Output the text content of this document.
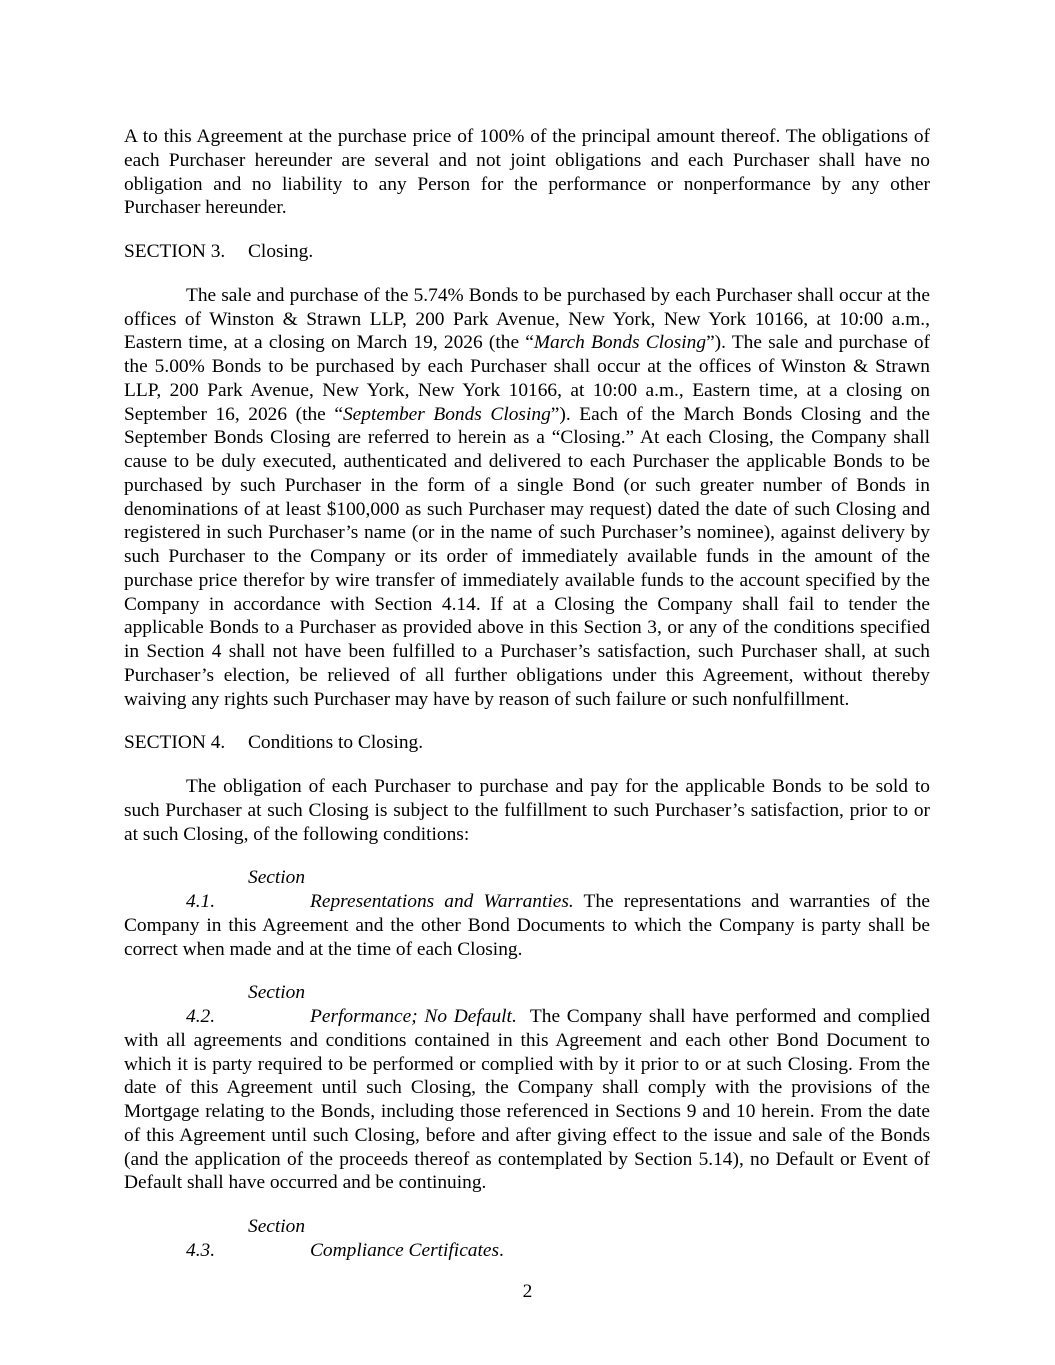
A to this Agreement at the purchase price of 100% of the principal amount thereof. The obligations of each Purchaser hereunder are several and not joint obligations and each Purchaser shall have no obligation and no liability to any Person for the performance or nonperformance by any other Purchaser hereunder.

SECTION 3. Closing.

The sale and purchase of the 5.74% Bonds to be purchased by each Purchaser shall occur at the offices of Winston & Strawn LLP, 200 Park Avenue, New York, New York 10166, at 10:00 a.m., Eastern time, at a closing on March 19, 2026 (the “March Bonds Closing”). The sale and purchase of the 5.00% Bonds to be purchased by each Purchaser shall occur at the offices of Winston & Strawn LLP, 200 Park Avenue, New York, New York 10166, at 10:00 a.m., Eastern time, at a closing on September 16, 2026 (the “September Bonds Closing”). Each of the March Bonds Closing and the September Bonds Closing are referred to herein as a “Closing.” At each Closing, the Company shall cause to be duly executed, authenticated and delivered to each Purchaser the applicable Bonds to be purchased by such Purchaser in the form of a single Bond (or such greater number of Bonds in denominations of at least $100,000 as such Purchaser may request) dated the date of such Closing and registered in such Purchaser’s name (or in the name of such Purchaser’s nominee), against delivery by such Purchaser to the Company or its order of immediately available funds in the amount of the purchase price therefor by wire transfer of immediately available funds to the account specified by the Company in accordance with Section 4.14. If at a Closing the Company shall fail to tender the applicable Bonds to a Purchaser as provided above in this Section 3, or any of the conditions specified in Section 4 shall not have been fulfilled to a Purchaser’s satisfaction, such Purchaser shall, at such Purchaser’s election, be relieved of all further obligations under this Agreement, without thereby waiving any rights such Purchaser may have by reason of such failure or such nonfulfillment.

SECTION 4. Conditions to Closing.

The obligation of each Purchaser to purchase and pay for the applicable Bonds to be sold to such Purchaser at such Closing is subject to the fulfillment to such Purchaser’s satisfaction, prior to or at such Closing, of the following conditions:

Section 4.1.	Representations and Warranties. The representations and warranties of the Company in this Agreement and the other Bond Documents to which the Company is party shall be correct when made and at the time of each Closing.

Section 4.2.	Performance; No Default. The Company shall have performed and complied with all agreements and conditions contained in this Agreement and each other Bond Document to which it is party required to be performed or complied with by it prior to or at such Closing. From the date of this Agreement until such Closing, the Company shall comply with the provisions of the Mortgage relating to the Bonds, including those referenced in Sections 9 and 10 herein. From the date of this Agreement until such Closing, before and after giving effect to the issue and sale of the Bonds (and the application of the proceeds thereof as contemplated by Section 5.14), no Default or Event of Default shall have occurred and be continuing.

Section 4.3.	Compliance Certificates.

2
